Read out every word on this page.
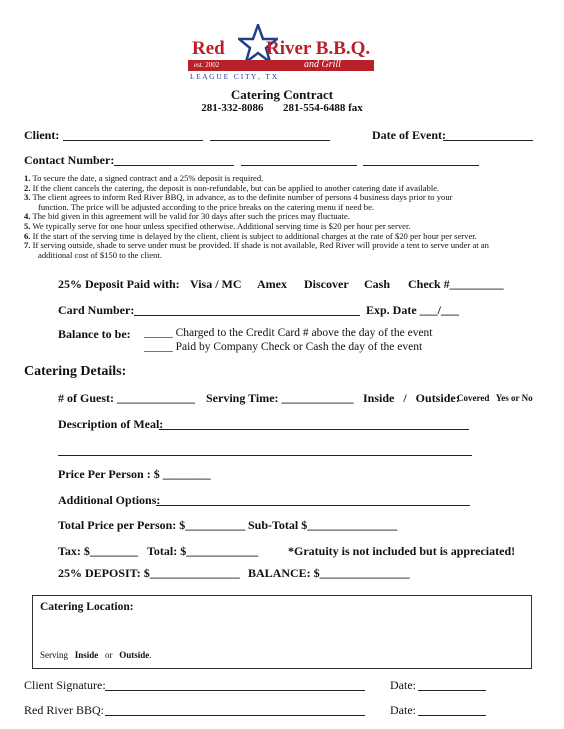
Red River B.B.Q.
est. 2002	and Grill
L E A G U E   C I T Y ,   T X
Catering Contract
281-332-8086 281-554-6488 fax
Client:	Date of Event:
Contact Number:
1. To secure the date, a signed contract and a 25% deposit is required.
2. If the client cancels the catering, the deposit is non-refundable, but can be applied to another catering date if available.
3. The client agrees to inform Red River BBQ, in advance, as to the definite number of persons 4 business days prior to your
function. The price will be adjusted according to the price breaks on the catering menu if need be.
4. The bid given in this agreement will be valid for 30 days after such the prices may fluctuate.
5. We typically serve for one hour unless specified otherwise. Additional serving time is $20 per hour per server.
6. If the start of the serving time is delayed by the client, client is subject to additional charges at the rate of $20 per hour per server.
7. If serving outside, shade to serve under must be provided. If shade is not available, Red River will provide a tent to serve under at an
additional cost of $150 to the client.
25% Deposit Paid with: Visa / MC Amex Discover Cash Check #_________
Card Number:	Exp. Date ___/___
Balance to be: _____ Charged to the Credit Card # above the day of the event
_____ Paid by Company Check or Cash the day of the event
Catering Details:
# of Guest: _____________ Serving Time: ____________ Inside   /   Outside:
Covered   Yes or No
Description of Meal:
Price Per Person : $ ________
Additional Options:
Total Price per Person: $__________ Sub-Total $_______________
Tax: $________ Total: $____________ *Gratuity is not included but is appreciated!
25% DEPOSIT: $_______________ BALANCE: $_______________
Catering Location:
Serving Inside or Outside.
Client Signature:	Date:
Red River BBQ:	Date:
